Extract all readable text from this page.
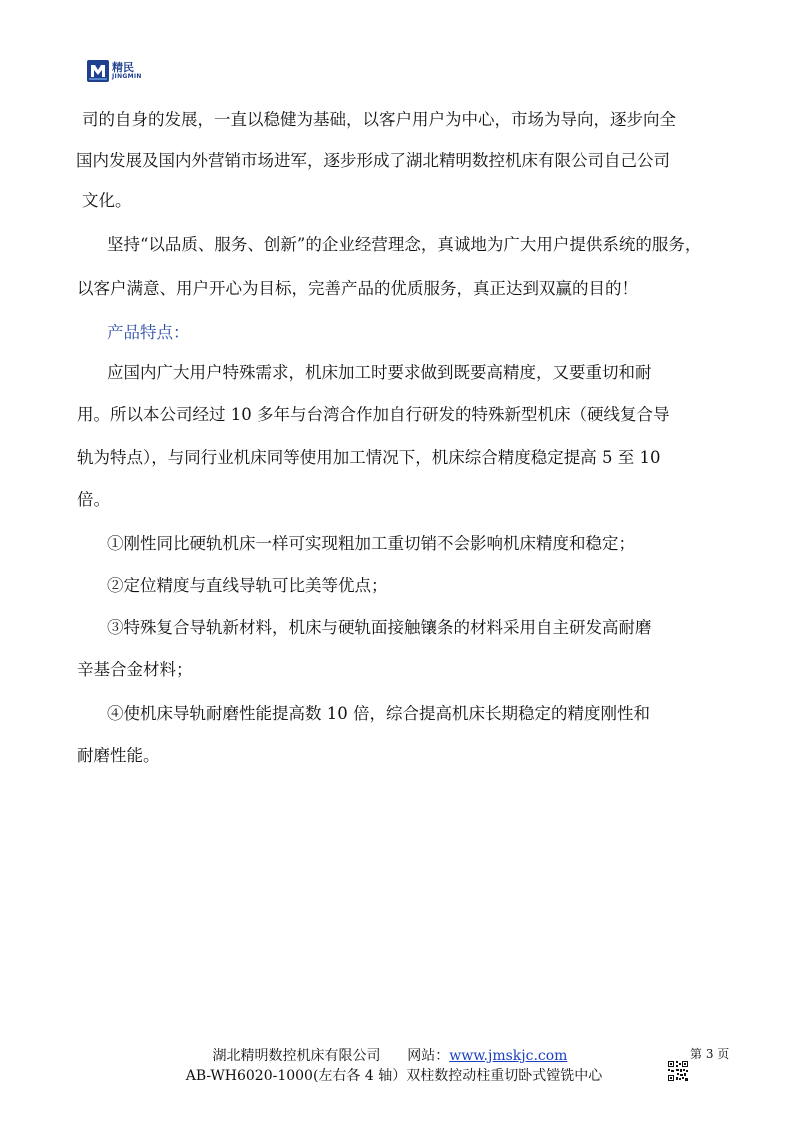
精民
JINGMIN
司的自身的发展，一直以稳健为基础，以客户用户为中心，市场为导向，逐步向全
国内发展及国内外营销市场进军，逐步形成了湖北精明数控机床有限公司自己公司
文化。
坚持“以品质、服务、创新”的企业经营理念，真诚地为广大用户提供系统的服务，
以客户满意、用户开心为目标，完善产品的优质服务，真正达到双赢的目的！
产品特点：
应国内广大用户特殊需求，机床加工时要求做到既要高精度，又要重切和耐
用。所以本公司经过 10 多年与台湾合作加自行研发的特殊新型机床（硬线复合导
轨为特点），与同行业机床同等使用加工情况下，机床综合精度稳定提高 5 至 10
倍。
①刚性同比硬轨机床一样可实现粗加工重切销不会影响机床精度和稳定；
②定位精度与直线导轨可比美等优点；
③特殊复合导轨新材料，机床与硬轨面接触镶条的材料采用自主研发高耐磨
辛基合金材料；
④使机床导轨耐磨性能提高数 10 倍，综合提高机床长期稳定的精度刚性和
耐磨性能。
湖北精明数控机床有限公司 网站：www.jmskjc.com	第 3 页
AB-WH6020-1000(左右各 4 轴）双柱数控动柱重切卧式镗铣中心
